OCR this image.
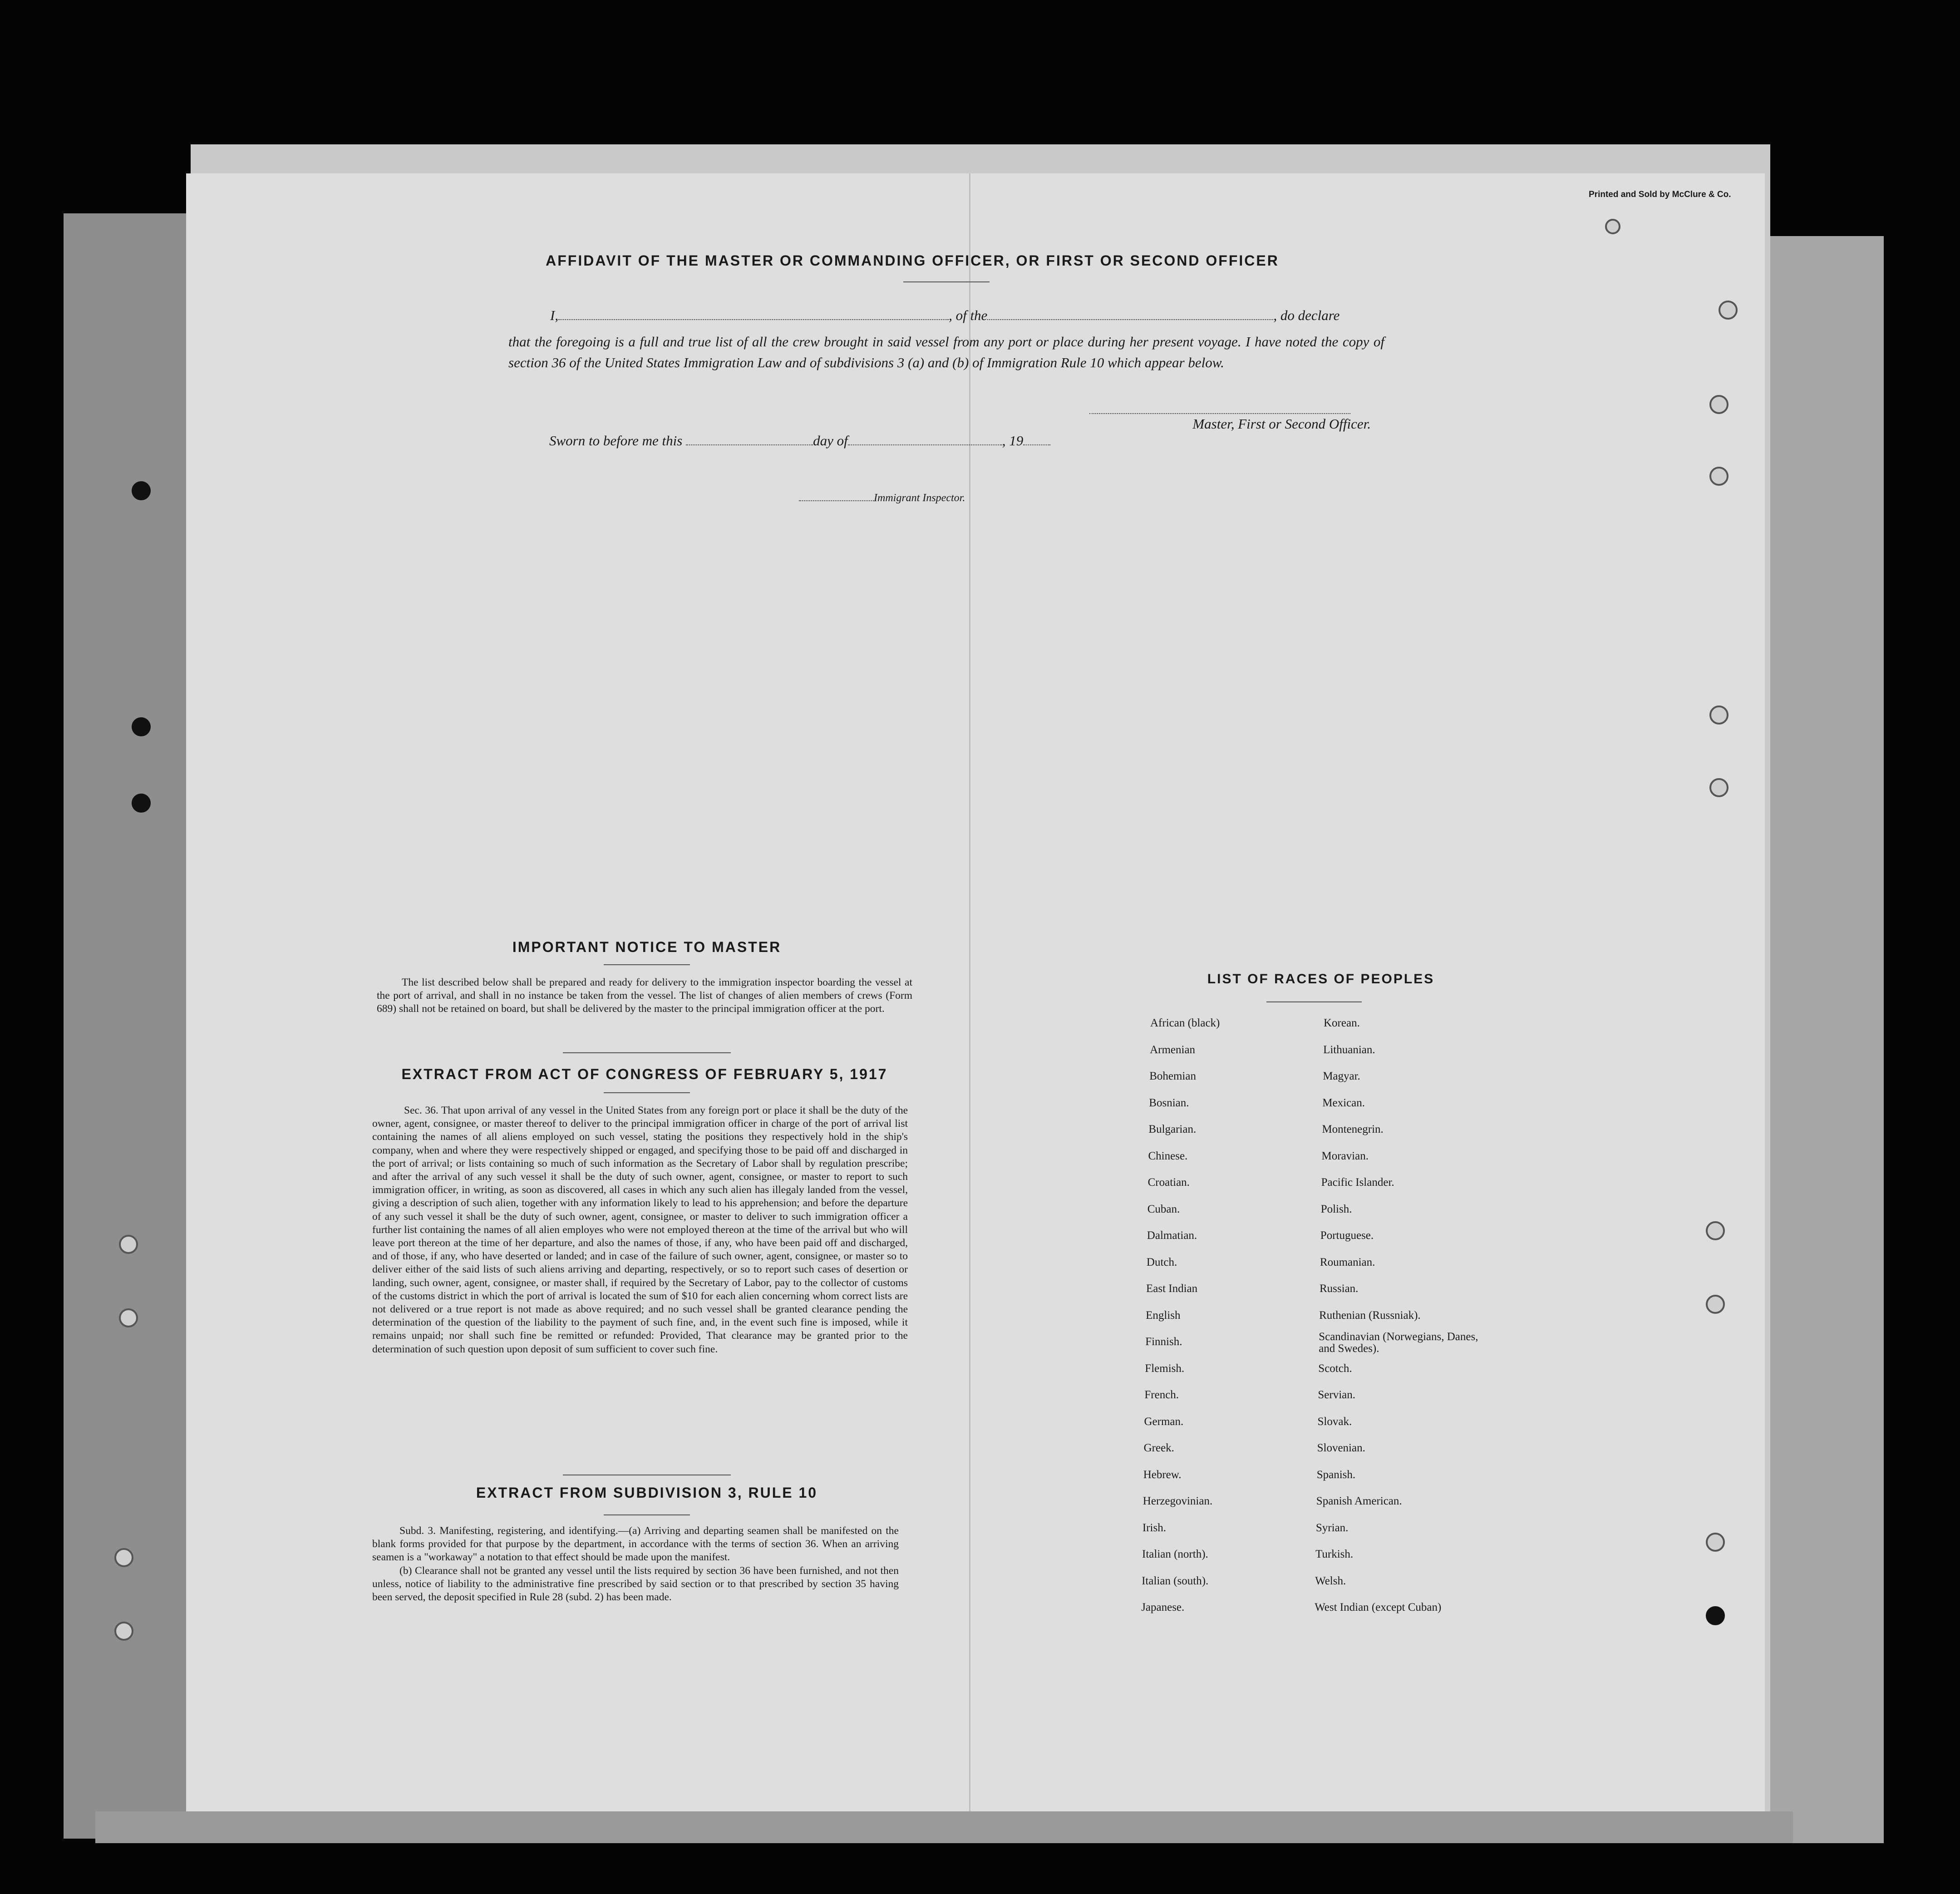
Printed and Sold by McClure & Co.
AFFIDAVIT OF THE MASTER OR COMMANDING OFFICER, OR FIRST OR SECOND OFFICER
I,	, of the	, do declare
that the foregoing is a full and true list of all the crew brought in said vessel from any port or place during her present voyage. I have noted the copy of section 36 of the United States Immigration Law and of subdivisions 3 (a) and (b) of Immigration Rule 10 which appear below.
Master, First or Second Officer.
Sworn to before me this	day of	, 19
Immigrant Inspector.
IMPORTANT NOTICE TO MASTER
The list described below shall be prepared and ready for delivery to the immigration inspector boarding the vessel at the port of arrival, and shall in no instance be taken from the vessel. The list of changes of alien members of crews (Form 689) shall not be retained on board, but shall be delivered by the master to the principal immigration officer at the port.
EXTRACT FROM ACT OF CONGRESS OF FEBRUARY 5, 1917
Sec. 36. That upon arrival of any vessel in the United States from any foreign port or place it shall be the duty of the owner, agent, consignee, or master thereof to deliver to the principal immigration officer in charge of the port of arrival list containing the names of all aliens employed on such vessel, stating the positions they respectively hold in the ship's company, when and where they were respectively shipped or engaged, and specifying those to be paid off and discharged in the port of arrival; or lists containing so much of such information as the Secretary of Labor shall by regulation prescribe; and after the arrival of any such vessel it shall be the duty of such owner, agent, consignee, or master to report to such immigration officer, in writing, as soon as discovered, all cases in which any such alien has illegaly landed from the vessel, giving a description of such alien, together with any information likely to lead to his apprehension; and before the departure of any such vessel it shall be the duty of such owner, agent, consignee, or master to deliver to such immigration officer a further list containing the names of all alien employes who were not employed thereon at the time of the arrival but who will leave port thereon at the time of her departure, and also the names of those, if any, who have been paid off and discharged, and of those, if any, who have deserted or landed; and in case of the failure of such owner, agent, consignee, or master so to deliver either of the said lists of such aliens arriving and departing, respectively, or so to report such cases of desertion or landing, such owner, agent, consignee, or master shall, if required by the Secretary of Labor, pay to the collector of customs of the customs district in which the port of arrival is located the sum of $10 for each alien concerning whom correct lists are not delivered or a true report is not made as above required; and no such vessel shall be granted clearance pending the determination of the question of the liability to the payment of such fine, and, in the event such fine is imposed, while it remains unpaid; nor shall such fine be remitted or refunded: Provided, That clearance may be granted prior to the determination of such question upon deposit of sum sufficient to cover such fine.
EXTRACT FROM SUBDIVISION 3, RULE 10

Subd. 3. Manifesting, registering, and identifying.—(a) Arriving and departing seamen shall be manifested on the blank forms provided for that purpose by the department, in accordance with the terms of section 36. When an arriving seamen is a "workaway" a notation to that effect should be made upon the manifest.

(b) Clearance shall not be granted any vessel until the lists required by section 36 have been furnished, and not then unless, notice of liability to the administrative fine prescribed by said section or to that prescribed by section 35 having been served, the deposit specified in Rule 28 (subd. 2) has been made.

LIST OF RACES OF PEOPLES
African (black)
Armenian
Bohemian
Bosnian.
Bulgarian.
Chinese.
Croatian.
Cuban.
Dalmatian.
Dutch.
East Indian
English
Finnish.
Flemish.
French.
German.
Greek.
Hebrew.
Herzegovinian.
Irish.
Italian (north).
Italian (south).
Japanese.
Korean.
Lithuanian.
Magyar.
Mexican.
Montenegrin.
Moravian.
Pacific Islander.
Polish.
Portuguese.
Roumanian.
Russian.
Ruthenian (Russniak).
Scandinavian (Norwegians, Danes, and Swedes).
Scotch.
Servian.
Slovak.
Slovenian.
Spanish.
Spanish American.
Syrian.
Turkish.
Welsh.
West Indian (except Cuban)
